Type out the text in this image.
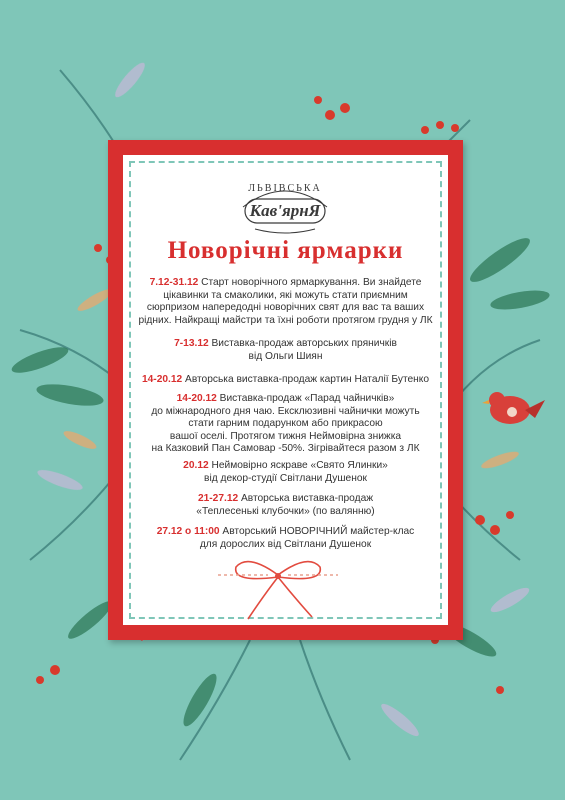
ЛЬВІВСЬКА
Кав'ярнЯ
Новорічні ярмарки
7.12-31.12 Старт новорічного ярмаркування. Ви знайдете
цікавинки та смаколики, які можуть стати приємним
сюрпризом напередодні новорічних свят для вас та ваших
рідних. Найкращі майстри та їхні роботи протягом грудня у ЛК
7-13.12 Виставка-продаж авторських пряничків
від Ольги Шиян
14-20.12 Авторська виставка-продаж картин Наталії Бутенко
14-20.12 Виставка-продаж «Парад чайничків»
до міжнародного дня чаю. Ексклюзивні чайнички можуть
стати гарним подарунком або прикрасою
вашої оселі. Протягом тижня Неймовірна знижка
на Казковий Пан Самовар -50%. Зігрівайтеся разом з ЛК
20.12 Неймовірно яскраве «Свято Ялинки»
від декор-студії Світлани Душенок
21-27.12 Авторська виставка-продаж
«Теплесенькі клубочки» (по валянню)
27.12 о 11:00 Авторський НОВОРІЧНИЙ майстер-клас
для дорослих від Світлани Душенок
